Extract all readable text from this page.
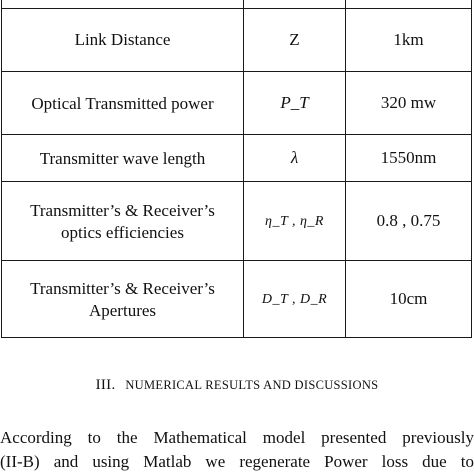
Link Distance	Z	1km
Optical Transmitted power	P_T	320 mw
Transmitter wave length	λ	1550nm

Transmitter’s & Receiver’s
optics efficiencies	η_T , η_R	0.8 , 0.75

Transmitter’s & Receiver’s
Apertures	D_T , D_R	10cm
III. NUMERICAL RESULTS AND DISCUSSIONS
According to the Mathematical model presented previously
(II-B) and using Matlab we regenerate Power loss due to
